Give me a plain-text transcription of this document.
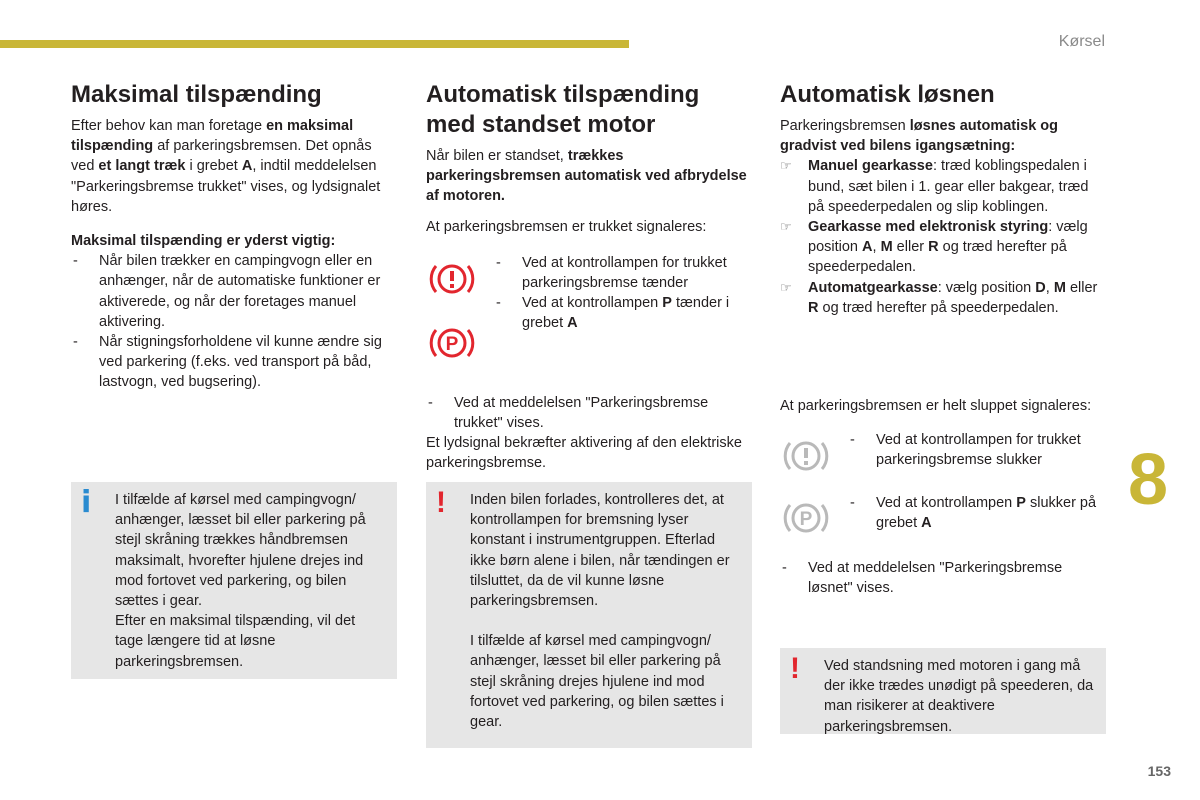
Kørsel
8
153
Maksimal tilspænding

Efter behov kan man foretage en maksimal tilspænding af parkeringsbremsen. Det opnås ved et langt træk i grebet A, indtil meddelelsen "Parkeringsbremse trukket" vises, og lydsignalet høres.

Maksimal tilspænding er yderst vigtig:

- Når bilen trækker en campingvogn eller en anhænger, når de automatiske funktioner er aktiverede, og når der foretages manuel aktivering.
- Når stigningsforholdene vil kunne ændre sig ved parkering (f.eks. ved transport på båd, lastvogn, ved bugsering).
i I tilfælde af kørsel med campingvogn/ anhænger, læsset bil eller parkering på stejl skråning trækkes håndbremsen maksimalt, hvorefter hjulene drejes ind mod fortovet ved parkering, og bilen sættes i gear.

Efter en maksimal tilspænding, vil det tage længere tid at løsne parkeringsbremsen.

Automatisk tilspænding med standset motor

Når bilen er standset, trækkes parkeringsbremsen automatisk ved afbrydelse af motoren.

At parkeringsbremsen er trukket signaleres:

P
- Ved at kontrollampen for trukket parkeringsbremse tænder
- Ved at kontrollampen P tænder i grebet A
- Ved at meddelelsen "Parkeringsbremse trukket" vises.

Et lydsignal bekræfter aktivering af den elektriske parkeringsbremse.

! Inden bilen forlades, kontrolleres det, at kontrollampen for bremsning lyser konstant i instrumentgruppen. Efterlad ikke børn alene i bilen, når tændingen er tilsluttet, da de vil kunne løsne parkeringsbremsen.

I tilfælde af kørsel med campingvogn/ anhænger, læsset bil eller parkering på stejl skråning drejes hjulene ind mod fortovet ved parkering, og bilen sættes i gear.

Automatisk løsnen

Parkeringsbremsen løsnes automatisk og gradvist ved bilens igangsætning:

☞ Manuel gearkasse: træd koblingspedalen i bund, sæt bilen i 1. gear eller bakgear, træd på speederpedalen og slip koblingen.
☞ Gearkasse med elektronisk styring: vælg position A, M eller R og træd herefter på speederpedalen.
☞ Automatgearkasse: vælg position D, M eller R og træd herefter på speederpedalen.

At parkeringsbremsen er helt sluppet signaleres:

P
- Ved at kontrollampen for trukket parkeringsbremse slukker
- Ved at kontrollampen P slukker på grebet A
- Ved at meddelelsen "Parkeringsbremse løsnet" vises.
! Ved standsning med motoren i gang må der ikke trædes unødigt på speederen, da man risikerer at deaktivere parkeringsbremsen.
